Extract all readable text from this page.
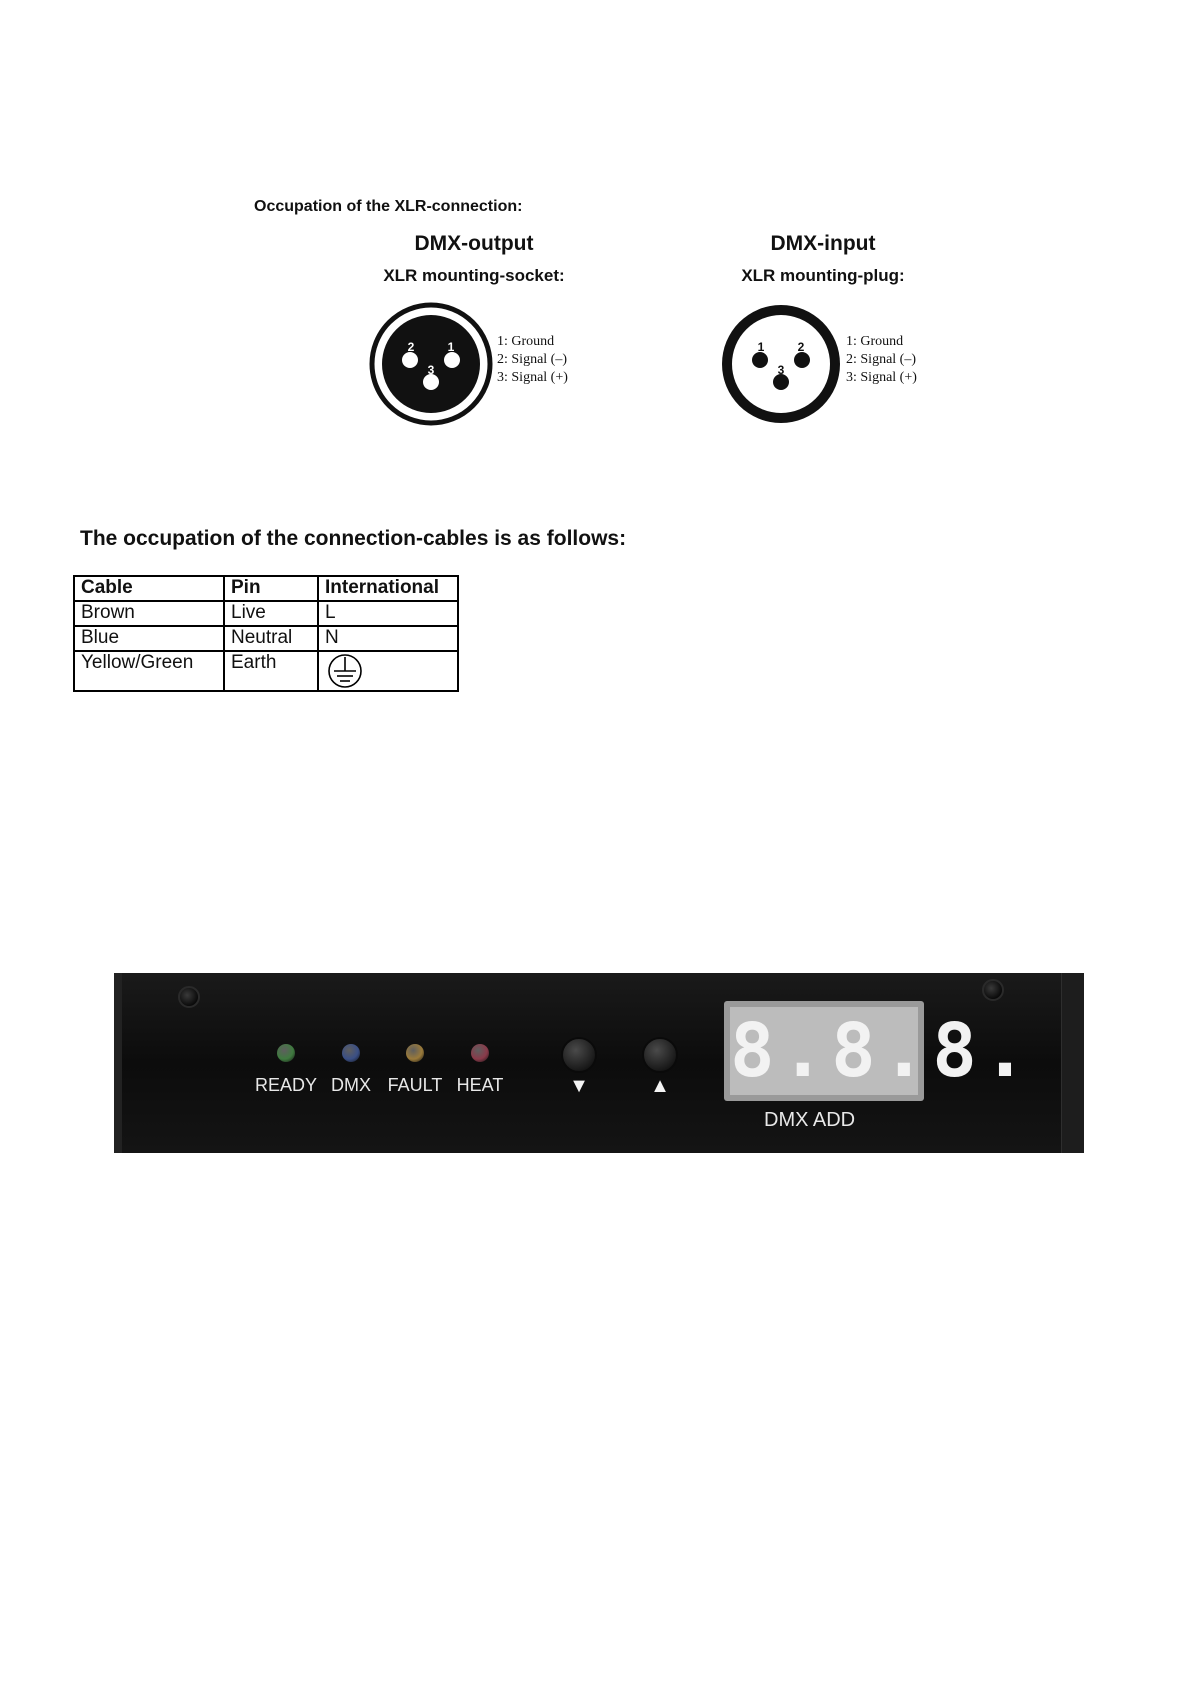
Occupation of the XLR-connection:
DMX-output
XLR mounting-socket:
DMX-input
XLR mounting-plug:
2	1
3
1: Ground
2: Signal (–)
3: Signal (+)
1	2
3
1: Ground
2: Signal (–)
3: Signal (+)
The occupation of the connection-cables is as follows:
Cable	Pin	International
Brown	Live	L
Blue	Neutral	N
Yellow/Green	Earth	
READY DMX FAULT HEAT	▼	▲ 8.8.8.
DMX ADD
